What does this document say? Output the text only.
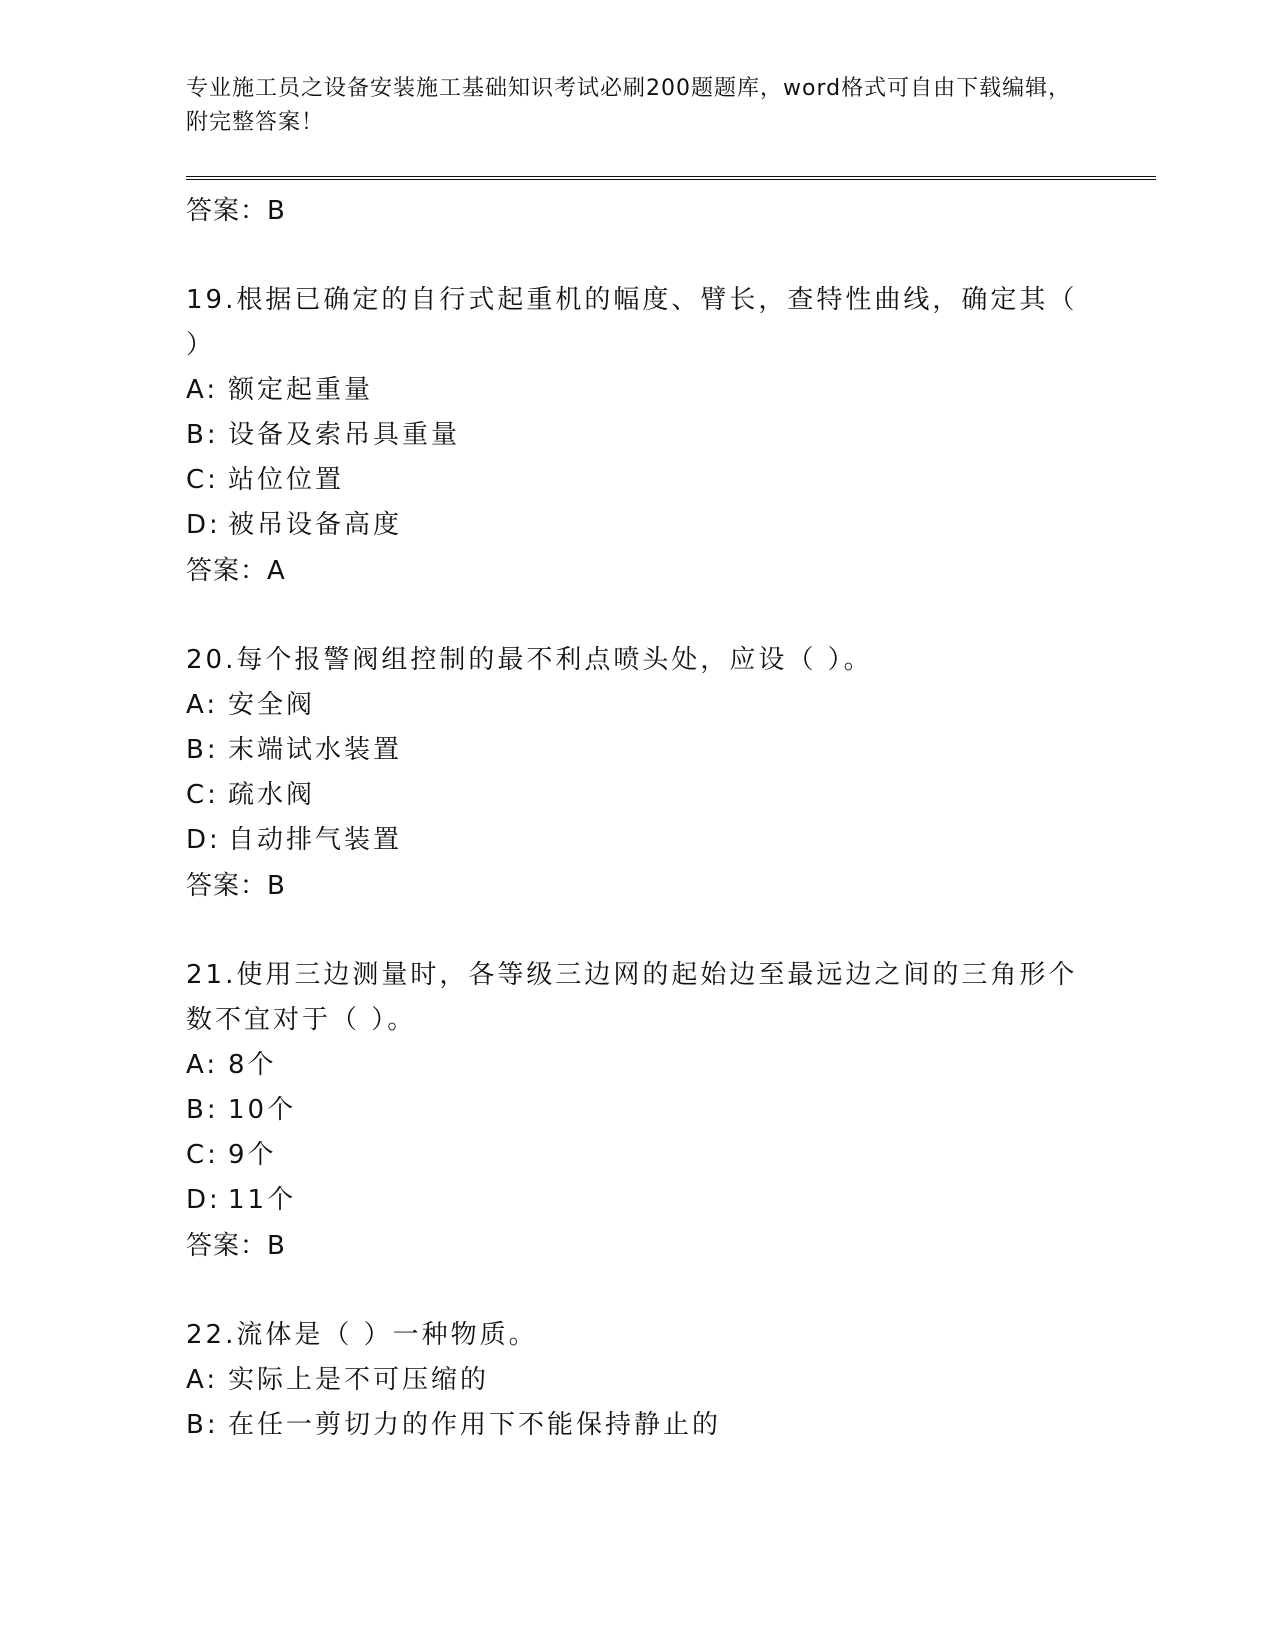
专业施工员之设备安装施工基础知识考试必刷200题题库，word格式可自由下载编辑，附完整答案！

答案：B

19.根据已确定的自行式起重机的幅度、臂长，查特性曲线，确定其（ ）

A: 额定起重量

B: 设备及索吊具重量

C: 站位位置

D: 被吊设备高度

答案：A

20.每个报警阀组控制的最不利点喷头处，应设（ ）。

A: 安全阀

B: 末端试水装置

C: 疏水阀

D: 自动排气装置

答案：B

21.使用三边测量时，各等级三边网的起始边至最远边之间的三角形个数不宜对于（ ）。

A: 8个

B: 10个

C: 9个

D: 11个

答案：B

22.流体是（ ）一种物质。

A: 实际上是不可压缩的

B: 在任一剪切力的作用下不能保持静止的
